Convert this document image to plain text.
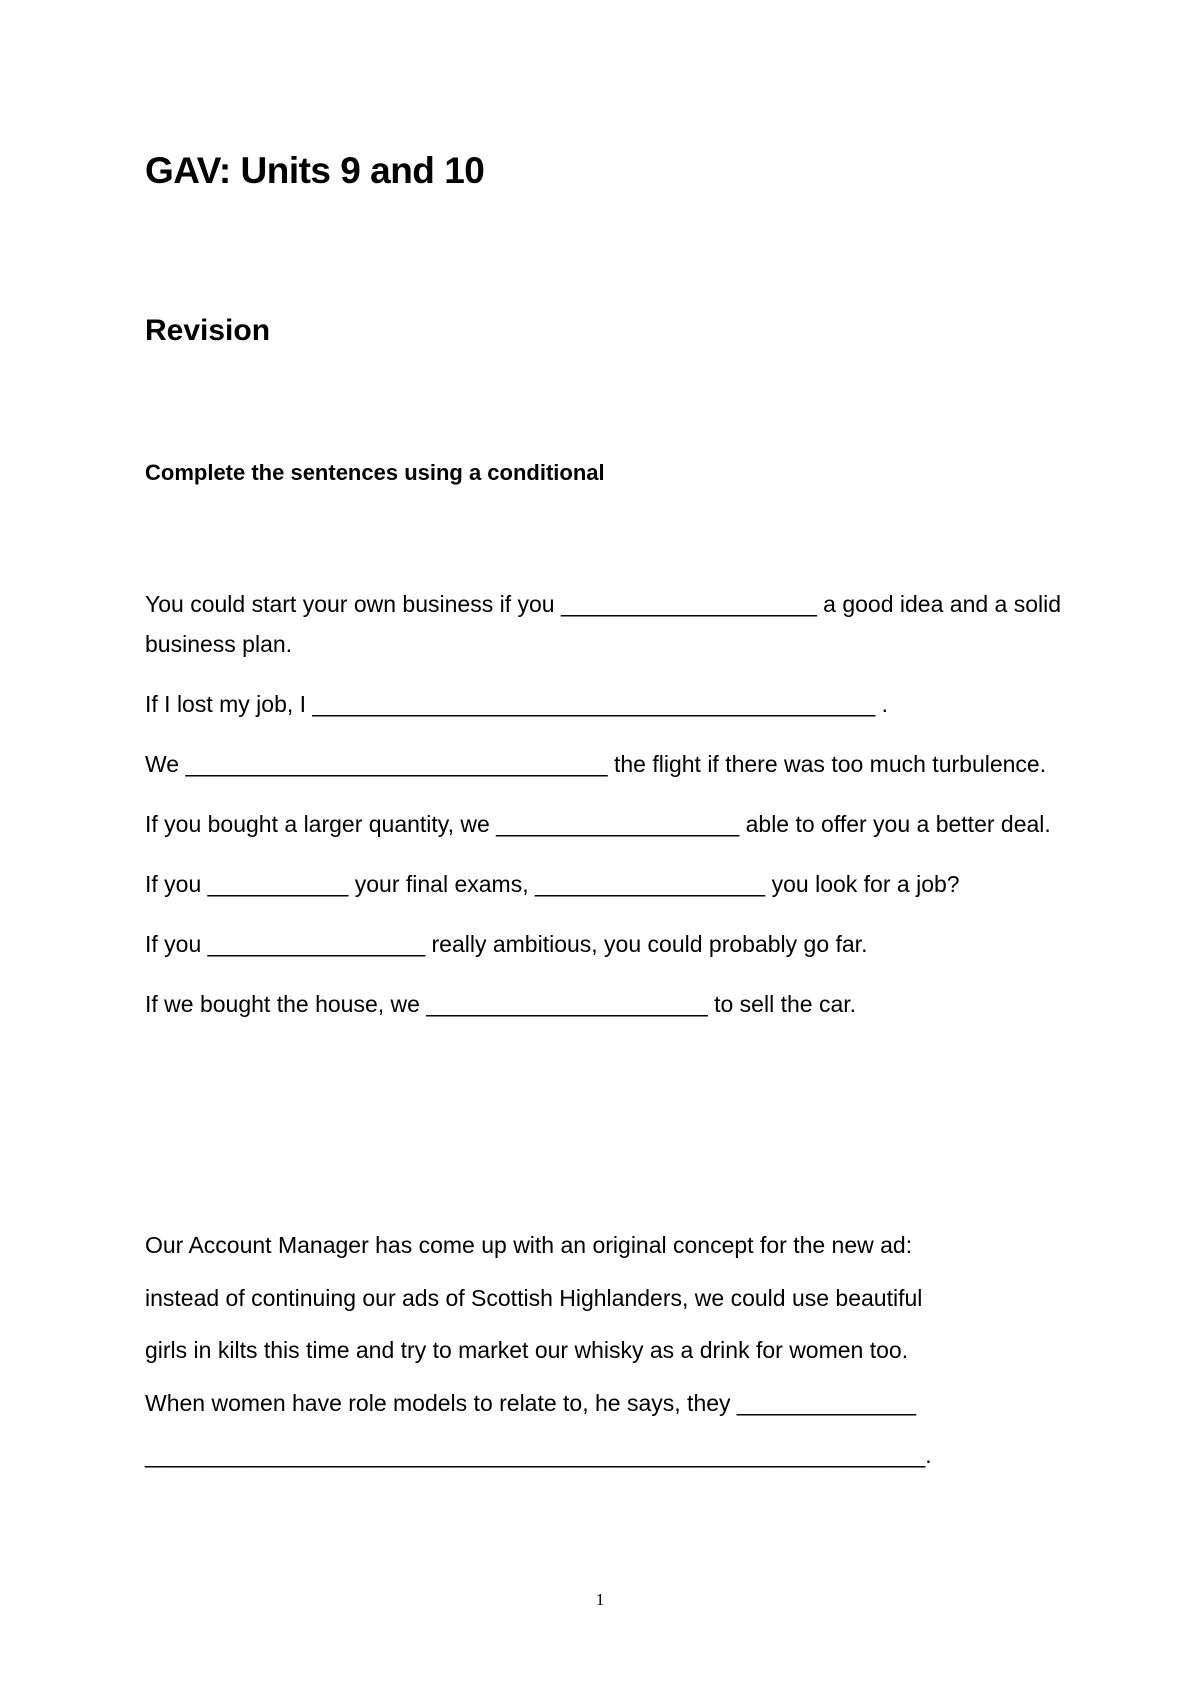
GAV: Units 9 and 10
Revision

Complete the sentences using a conditional

You could start your own business if you ____________________ a good idea and a solid business plan.
If I lost my job, I ____________________________________________ .
We _________________________________ the flight if there was too much turbulence.
If you bought a larger quantity, we ___________________ able to offer you a better deal.
If you ___________ your final exams, __________________ you look for a job?
If you _________________ really ambitious, you could probably go far.
If we bought the house, we ______________________ to sell the car.

Our Account Manager has come up with an original concept for the new ad:
instead of continuing our ads of Scottish Highlanders, we could use beautiful
girls in kilts this time and try to market our whisky as a drink for women too.
When women have role models to relate to, he says, they ______________
_____________________________________________________________.

1
